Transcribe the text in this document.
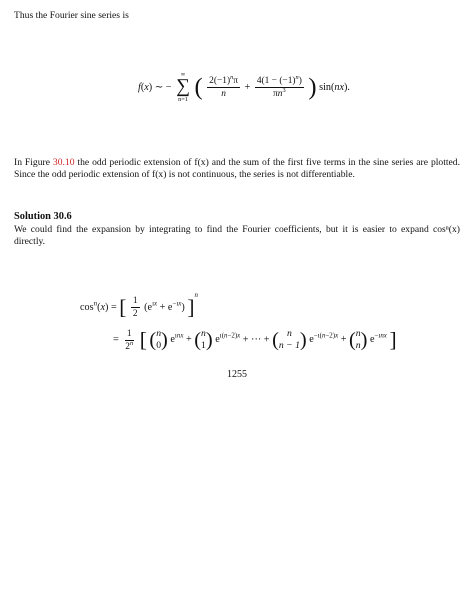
Thus the Fourier sine series is
f(x) ∼ −
∞
∑
n=1 ( $\frac{2(-1)^n\pi}{n} + \frac{4(1 - (-1)^n)}{\pi n^3}$ ) sin(nx).
In Figure 30.10 the odd periodic extension of f(x) and the sum of the first five terms in the sine series are plotted. Since the odd periodic extension of f(x) is not continuous, the series is not differentiable.
Solution 30.6
We could find the expansion by integrating to find the Fourier coefficients, but it is easier to expand cosⁿ(x) directly.
$\cos^n(x)$ = [ $\frac{1}{2} (e^{ıx} + e^{-ıx})$ ]$^n$
= $\frac{1}{2^n}$ [ ( n
0 ) $e^{ınx}$ + ( n
1 ) $e^{ı(n-2)x}$ + ··· + ( n
n − 1 ) $e^{-ı(n-2)x}$ + ( n
n ) $e^{-ınx}$ ]
1255
